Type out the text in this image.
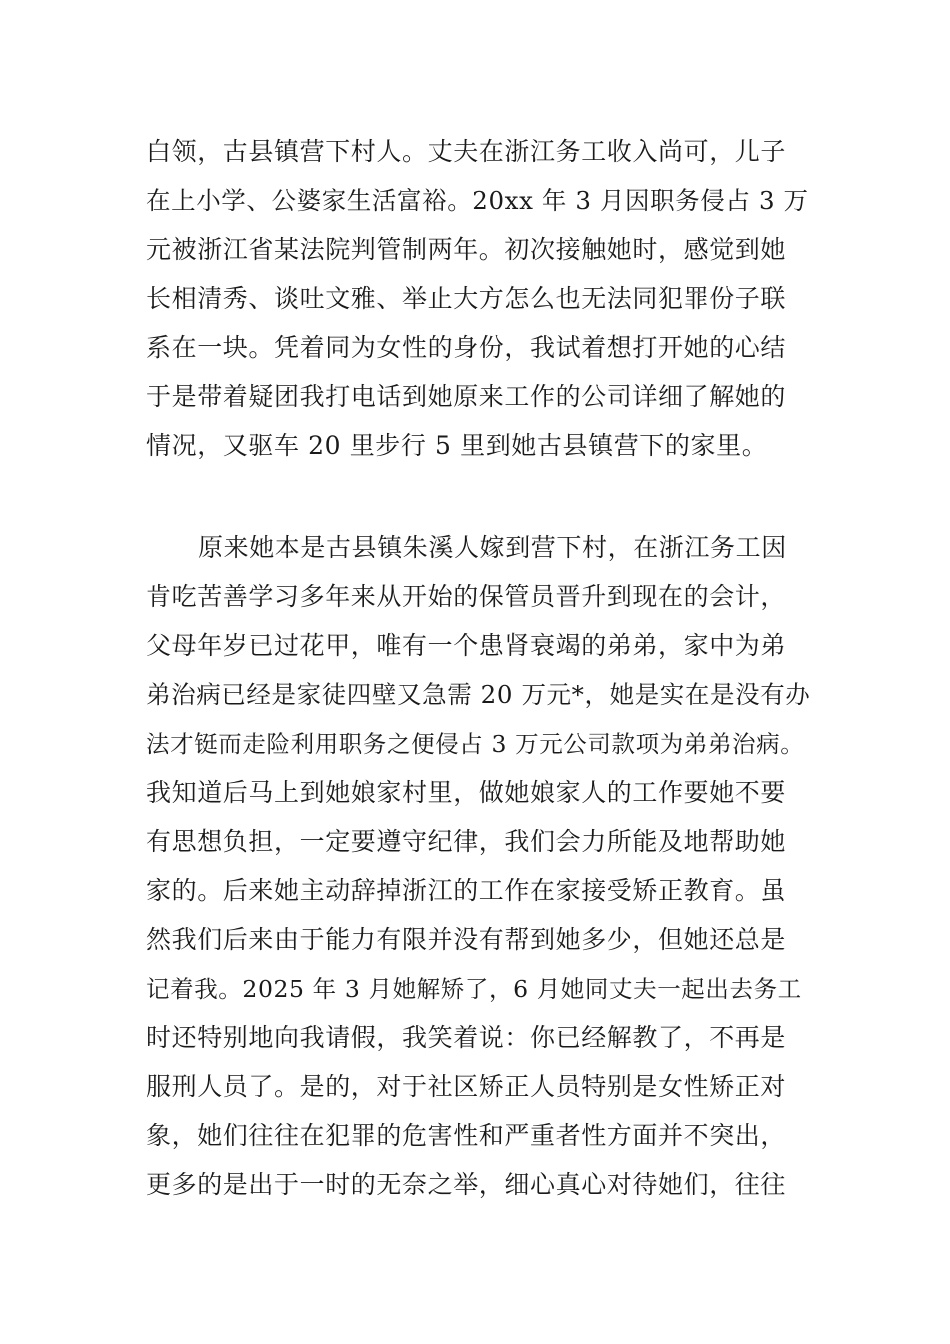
白领，古县镇营下村人。丈夫在浙江务工收入尚可，儿子

在上小学、公婆家生活富裕。20xx 年 3 月因职务侵占 3 万

元被浙江省某法院判管制两年。初次接触她时，感觉到她

长相清秀、谈吐文雅、举止大方怎么也无法同犯罪份子联

系在一块。凭着同为女性的身份，我试着想打开她的心结

于是带着疑团我打电话到她原来工作的公司详细了解她的

情况，又驱车 20 里步行 5 里到她古县镇营下的家里。

原来她本是古县镇朱溪人嫁到营下村，在浙江务工因

肯吃苦善学习多年来从开始的保管员晋升到现在的会计，

父母年岁已过花甲，唯有一个患肾衰竭的弟弟，家中为弟

弟治病已经是家徒四壁又急需 20 万元*，她是实在是没有办

法才铤而走险利用职务之便侵占 3 万元公司款项为弟弟治病。

我知道后马上到她娘家村里，做她娘家人的工作要她不要

有思想负担，一定要遵守纪律，我们会力所能及地帮助她

家的。后来她主动辞掉浙江的工作在家接受矫正教育。虽

然我们后来由于能力有限并没有帮到她多少，但她还总是

记着我。2025 年 3 月她解矫了，6 月她同丈夫一起出去务工

时还特别地向我请假，我笑着说：你已经解教了，不再是

服刑人员了。是的，对于社区矫正人员特别是女性矫正对

象，她们往往在犯罪的危害性和严重者性方面并不突出，

更多的是出于一时的无奈之举，细心真心对待她们，往往
